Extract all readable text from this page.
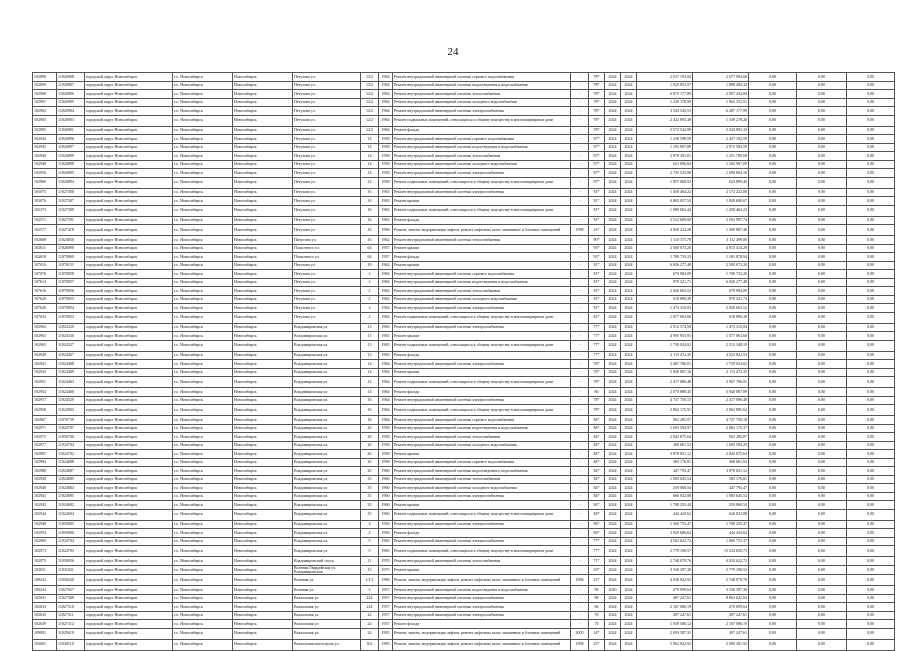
24
102898	11026908	городской округ Новосибирск	г.о. Новосибирск	Новосибирск	Петухова ул.	12/2	1964	Ремонт внутридомовой инженерной системы горячего водоснабжения	-	78*	2024	2024	2 037 193,04	2 677 984,68	0,00	0,00	0,00
102899	11026907	городской округ Новосибирск	г.о. Новосибирск	Новосибирск	Петухова ул.	12/2	1964	Ремонт внутридомовой инженерной системы водоотведения и водоснабжения	-	78*	2024	2024	1 925 853,97	1 888 484,32	0,00	0,00	0,00
102900	11026906	городской округ Новосибирск	г.о. Новосибирск	Новосибирск	Петухова ул.	12/2	1964	Ремонт внутридомовой инженерной системы теплоснабжения	-	78*	2024	2024	6 875 177,89	2 097 432,84	0,00	0,00	0,00
102901	11026905	городской округ Новосибирск	г.о. Новосибирск	Новосибирск	Петухова ул.	12/2	1964	Ремонт внутридомовой инженерной системы холодного водоснабжения	-	78*	2024	2024	1 239 178,90	1 962 352,51	0,00	0,00	0,00
102902	11026904	городской округ Новосибирск	г.о. Новосибирск	Новосибирск	Петухова ул.	12/2	1964	Ремонт внутридомовой инженерной системы электроснабжения	-	78*	2024	2024	3 543 543,53	6 287 177,99	0,00	0,00	0,00
102903	11026903	городской округ Новосибирск	г.о. Новосибирск	Новосибирск	Петухова ул.	12/2	1964	Ремонт подвальных помещений, относящихся к общему имуществу в многоквартирном доме	-	78*	2024	2024	2 432 893,38	1 339 278,20	0,00	0,00	0,00
102905	11026901	городской округ Новосибирск	г.о. Новосибирск	Новосибирск	Петухова ул.	12/2	1964	Ремонт фасада	-	78*	2024	2024	2 572 542,99	2 543 893,33	0,00	0,00	0,00
102944	11026896	городской округ Новосибирск	г.о. Новосибирск	Новосибирск	Петухова ул.	14	1958	Ремонт внутридомовой инженерной системы горячего водоснабжения	-	87*	2024	2024	1 238 598,59	2 437 192,59	0,00	0,00	0,00
102945	11026897	городской округ Новосибирск	г.о. Новосибирск	Новосибирск	Петухова ул.	14	1958	Ремонт внутридомовой инженерной системы водоотведения и водоснабжения	-	87*	2024	2024	1 192 697,89	2 972 583,59	0,00	0,00	0,00
102946	11026899	городской округ Новосибирск	г.о. Новосибирск	Новосибирск	Петухова ул.	14	1958	Ремонт внутридомовой инженерной системы теплоснабжения	-	87*	2024	2024	3 878 391,01	1 251 780,69	0,00	0,00	0,00
102948	11026898	городской округ Новосибирск	г.о. Новосибирск	Новосибирск	Петухова ул.	14	1958	Ремонт внутридомовой инженерной системы холодного водоснабжения	-	87*	2024	2024	621 086,84	1 182 997,09	0,00	0,00	0,00
102956	11026895	городской округ Новосибирск	г.о. Новосибирск	Новосибирск	Петухова ул.	14	1958	Ремонт внутридомовой инженерной системы электроснабжения	-	87*	2024	2024	2 735 523,98	1 698 864,10	0,00	0,00	0,00
102960	11026894	городской округ Новосибирск	г.о. Новосибирск	Новосибирск	Петухова ул.	14	1958	Ремонт подвальных помещений, относящихся к общему имуществу в многоквартирном доме	-	87*	2024	2024	1 857 068,92	623 899,49	0,00	0,00	0,00
103075	11027308	городской округ Новосибирск	г.о. Новосибирск	Новосибирск	Петухова ул.	16	1963	Ремонт внутридомовой инженерной системы электроснабжения	-	81*	2024	2024	1 458 464,22	2 174 222,08	0,00	0,00	0,00
103076	11027307	городской округ Новосибирск	г.о. Новосибирск	Новосибирск	Петухова ул.	16	1963	Ремонт крыши	-	81*	2024	2024	4 802 057,54	1 849 680,67	0,00	0,00	0,00
102373	11027309	городской округ Новосибирск	г.о. Новосибирск	Новосибирск	Петухова ул.	16	1963	Ремонт подвальных помещений, относящихся к общему имуществу в многоквартирном доме	-	81*	2024	2024	1 080 062,44	1 458 464,22	0,00	0,00	0,00
102571	11027591	городской округ Новосибирск	г.о. Новосибирск	Новосибирск	Петухова ул.	16	1963	Ремонт фасада	-	81*	2024	2024	3 512 689,00	3 092 987,74	0,00	0,00	0,00
102577	11027418	городской округ Новосибирск	г.о. Новосибирск	Новосибирск	Петухова ул.	16	1996	Ремонт, замена, модернизация лифтов, ремонт лифтовых шахт, машинных и блочных помещений	1998	23*	2024	2024	4 828 414,28	1 209 887,40	0,00	0,00	0,00
102608	11024056	городской округ Новосибирск	г.о. Новосибирск	Новосибирск	Пичугина ул.	16	1962	Ремонт внутридомовой инженерной системы теплоснабжения	-	90*	2024	2024	1 110 375,78	3 112 499,00	0,00	0,00	0,00
102611	11026000	городской округ Новосибирск	г.о. Новосибирск	Новосибирск	Плахотного ул.	64	1957	Ремонт крыши	-	93*	2024	2024	2 500 073,20	4 813 414,28	0,00	0,00	0,00
102618	11070060	городской округ Новосибирск	г.о. Новосибирск	Новосибирск	Плахотного ул.	64	1957	Ремонт фасада	-	93*	2024	2024	1 700 733,33	1 181 878,94	0,00	0,00	0,00
107016	11070151	городской округ Новосибирск	г.о. Новосибирск	Новосибирск	Петухова ул.	19	1962	Ремонт крыши	-	81*	2024	2024	6 026 277,48	2 500 073,20	0,00	0,00	0,00
107076	11070058	городской округ Новосибирск	г.о. Новосибирск	Новосибирск	Петухова ул.	2	1962	Ремонт внутридомовой инженерной системы горячего водоснабжения	-	81*	2024	2024	679 984,09	1 700 733,20	0,00	0,00	0,00
107614	11070057	городской округ Новосибирск	г.о. Новосибирск	Новосибирск	Петухова ул.	2	1962	Ремонт внутридомовой инженерной системы водоотведения и водоснабжения	-	81*	2024	2024	970 321,71	6 026 277,48	0,00	0,00	0,00
107616	11070056	городской округ Новосибирск	г.о. Новосибирск	Новосибирск	Петухова ул.	2	1962	Ремонт внутридомовой инженерной системы теплоснабжения	-	81*	2024	2024	2 026 663,52	679 984,09	0,00	0,00	0,00
107620	11070055	городской округ Новосибирск	г.о. Новосибирск	Новосибирск	Петухова ул.	2	1962	Ремонт внутридомовой инженерной системы холодного водоснабжения	-	81*	2024	2024	618 890,39	970 321,74	0,00	0,00	0,00
107626	11070054	городской округ Новосибирск	г.о. Новосибирск	Новосибирск	Петухова ул.	2	1962	Ремонт внутридомовой инженерной системы электроснабжения	-	81*	2024	2024	1 473 310,03	2 026 663,52	0,00	0,00	0,00
107632	11070053	городской округ Новосибирск	г.о. Новосибирск	Новосибирск	Петухова ул.	2	1962	Ремонт подвальных помещений, относящихся к общему имуществу в многоквартирном доме	-	81*	2024	2024	1 077 063,60	618 890,39	0,00	0,00	0,00
102962	11024329	городской округ Новосибирск	г.о. Новосибирск	Новосибирск	Владимировская ул.	13	1965	Ремонт внутридомовой инженерной системы электроснабжения	-	77*	2024	2024	2 912 574,58	1 473 310,04	0,00	0,00	0,00
102963	11024330	городской округ Новосибирск	г.о. Новосибирск	Новосибирск	Владимировская ул.	13	1965	Ремонт крыши	-	77*	2024	2024	4 905 953,91	1 077 063,60	0,00	0,00	0,00
102965	11024327	городской округ Новосибирск	г.о. Новосибирск	Новосибирск	Владимировская ул.	13	1965	Ремонт подвальных помещений, относящихся к общему имуществу в многоквартирном доме	-	77*	2024	2024	1 739 024,02	2 512 348,10	0,00	0,00	0,00
102940	11024467	городской округ Новосибирск	г.о. Новосибирск	Новосибирск	Владимировская ул.	13	1965	Ремонт фасада	-	77*	2024	2024	2 113 472,35	4 523 822,53	0,00	0,00	0,00
102941	11024468	городской округ Новосибирск	г.о. Новосибирск	Новосибирск	Владимировская ул.	14	1964	Ремонт внутридомовой инженерной системы электроснабжения	-	78*	2024	2024	3 407 706,01	1 739 024,02	0,00	0,00	0,00
102943	11024469	городской округ Новосибирск	г.о. Новосибирск	Новосибирск	Владимировская ул.	14	1964	Ремонт крыши	-	78*	2024	2024	5 840 087,16	2 113 472,35	0,00	0,00	0,00
102951	11024463	городской округ Новосибирск	г.о. Новосибирск	Новосибирск	Владимировская ул.	14	1964	Ремонт подвальных помещений, относящихся к общему имуществу в многоквартирном доме	-	78*	2024	2024	2 417 086,48	3 007 706,01	0,00	0,00	0,00
102954	11024466	городской округ Новосибирск	г.о. Новосибирск	Новосибирск	Владимировская ул.	14	1964	Ремонт фасада	-	80	2024	2024	2 073 888,45	5 840 087,09	0,00	0,00	0,00
102957	11024520	городской округ Новосибирск	г.о. Новосибирск	Новосибирск	Владимировская ул.	16	1964	Ремонт внутридомовой инженерной системы электроснабжения	-	78*	2024	2024	4 737 750,15	2 417 086,48	0,00	0,00	0,00
102958	11024903	городской округ Новосибирск	г.о. Новосибирск	Новосибирск	Владимировская ул.	16	1964	Ремонт подвальных помещений, относящихся к общему имуществу в многоквартирном доме	-	78*	2024	2024	2 862 175,91	2 062 885,62	0,00	0,00	0,00
102967	11076739	городской округ Новосибирск	г.о. Новосибирск	Новосибирск	Владимировская ул.	16	1964	Ремонт внутридомовой инженерной системы горячего водоснабжения	-	84*	2024	2024	902 285,97	4 737 750,18	0,00	0,00	0,00
102971	11024707	городской округ Новосибирск	г.о. Новосибирск	Новосибирск	Владимировская ул.	20	1958	Ремонт внутридомовой инженерной системы водоотведения и водоснабжения	-	84*	2024	2024	1 605 594,97	2 862 175,37	0,00	0,00	0,00
102975	11050706	городской округ Новосибирск	г.о. Новосибирск	Новосибирск	Владимировская ул.	20	1958	Ремонт внутридомовой инженерной системы теплоснабжения	-	84*	2024	2024	2 842 875,64	902 285,87	0,00	0,00	0,00
102977	11024704	городской округ Новосибирск	г.о. Новосибирск	Новосибирск	Владимировская ул.	20	1958	Ремонт внутридомовой инженерной системы холодного водоснабжения	-	84*	2024	2024	468 661,52	1 605 594,29	0,00	0,00	0,00
102981	11024702	городской округ Новосибирск	г.о. Новосибирск	Новосибирск	Владимировская ул.	20	1958	Ремонт крыши	-	84*	2024	2024	3 878 831,12	2 842 875,64	0,00	0,00	0,00
102984	11024688	городской округ Новосибирск	г.о. Новосибирск	Новосибирск	Владимировская ул.	20	1958	Ремонт внутридомовой инженерной системы горячего водоснабжения	-	84*	2024	2024	383 176,81	468 661,92	0,00	0,00	0,00
102988	11024687	городской округ Новосибирск	г.о. Новосибирск	Новосибирск	Владимировская ул.	20	1960	Ремонт внутридомовой инженерной системы водоотведения и водоснабжения	-	84*	2024	2024	447 793,47	3 878 831,12	0,00	0,00	0,00
102938	11024685	городской округ Новосибирск	г.о. Новосибирск	Новосибирск	Владимировская ул.	35	1960	Ремонт внутридомовой инженерной системы теплоснабжения	-	84*	2024	2024	1 083 645,54	383 176,81	0,00	0,00	0,00
102940	11024684	городской округ Новосибирск	г.о. Новосибирск	Новосибирск	Владимировская ул.	35	1960	Ремонт внутридомовой инженерной системы холодного водоснабжения	-	84*	2024	2024	259 060,54	447 793,47	0,00	0,00	0,00
102941	11024695	городской округ Новосибирск	г.о. Новосибирск	Новосибирск	Владимировская ул.	35	1960	Ремонт внутридомовой инженерной системы электроснабжения	-	84*	2024	2024	666 032,88	1 083 645,54	0,00	0,00	0,00
102943	11024692	городской округ Новосибирск	г.о. Новосибирск	Новосибирск	Владимировская ул.	35	1960	Ремонт крыши	-	84*	2024	2024	1 788 255,44	259 060,54	0,00	0,00	0,00
102944	11024694	городской округ Новосибирск	г.о. Новосибирск	Новосибирск	Владимировская ул.	35	1960	Ремонт подвальных помещений, относящихся к общему имуществу в многоквартирном доме	-	84*	2024	2024	444 443,62	626 032,88	0,00	0,00	0,00
102948	11050005	городской округ Новосибирск	г.о. Новосибирск	Новосибирск	Владимировская ул.	4	1956	Ремонт внутридомовой инженерной системы электроснабжения	-	86*	2024	2024	1 360 753,47	1 788 255,47	0,00	0,00	0,00
102954	11050006	городской округ Новосибирск	г.о. Новосибирск	Новосибирск	Владимировская ул.	4	1956	Ремонт фасада	-	86*	2024	2024	3 029 686,62	444 443,62	0,00	0,00	0,00
102969	11024704	городской округ Новосибирск	г.о. Новосибирск	Новосибирск	Владимировская ул.	9	1965	Ремонт внутридомовой инженерной системы электроснабжения	-	77*	2024	2024	4 562 622,72	1 860 753,37	0,00	0,00	0,00
102973	11024703	городской округ Новосибирск	г.о. Новосибирск	Новосибирск	Владимировская ул.	9	1965	Ремонт подвальных помещений, относящихся к общему имуществу в многоквартирном доме	-	77*	2024	2024	2 779 190,57	15 524 650,73	0,00	0,00	0,00
102975	11050936	городской округ Новосибирск	г.о. Новосибирск	Новосибирск	Владимировский спуск	11	1970	Ремонт внутридомовой инженерной системы теплоснабжения	-	71*	2024	2024	2 748 079,76	4 032 622,72	0,00	0,00	0,00
103011	11031021	городской округ Новосибирск	г.о. Новосибирск	Новосибирск	Военная Гвардейская ул. Владимировская	15	1975	Ремонт крыши	-	63*	2024	2024	3 536 397,38	2 779 190,52	0,00	0,00	0,00
109232	11050220	городской округ Новосибирск	г.о. Новосибирск	Новосибирск	Военная ул.	1/1/1	1996	Ремонт, замена, модернизация лифтов, ремонт лифтовых шахт, машинных и блочных помещений	1996	23*	2024	2024	4 036 822,92	2 748 079,76	0,00	0,00	0,00
109234	11027657	городской округ Новосибирск	г.о. Новосибирск	Новосибирск	Военная ул.	3	1957	Ремонт внутридомовой инженерной системы водоотведения и водоснабжения	-	99	2020	2024	279 099,64	3 536 397,38	0,00	0,00	0,00
102631	11027309	городской округ Новосибирск	г.о. Новосибирск	Новосибирск	Вокзальная ул.	224	1957	Ремонт внутридомовой инженерной системы электроснабжения	-	88	2024	2024	407 247,61	8 063 622,92	0,00	0,00	0,00
102633	11027310	городской округ Новосибирск	г.о. Новосибирск	Новосибирск	Вокзальная ул.	224	1957	Ремонт внутридомовой инженерной системы электроснабжения	-	86	2024	2024	2 167 086,19	270 099,64	0,00	0,00	0,00
102635	11027311	городской округ Новосибирск	г.о. Новосибирск	Новосибирск	Вокзальная ул.	22	1957	Ремонт внутридомовой инженерной системы электроснабжения	-	70	2024	2024	497 247,61	497 247,61	0,00	0,00	0,00
102639	11027312	городской округ Новосибирск	г.о. Новосибирск	Новосибирск	Вокзальная ул.	24	1957	Ремонт фасада	-	70	2024	2024	1 038 586,12	2 167 086,19	0,00	0,00	0,00
109891	11029410	городской округ Новосибирск	г.о. Новосибирск	Новосибирск	Вокзальная ул.	24	1995	Ремонт, замена, модернизация лифтов, ремонт лифтовых шахт, машинных и блочных помещений	2005	24*	2024	2024	2 093 587,31	497 247,61	0,00	0,00	0,00
103001	11030110	городской округ Новосибирск	г.о. Новосибирск	Новосибирск	Вокзальная магистраль ул.	8/2	1995	Ремонт, замена, модернизация лифтов, ремонт лифтовых шахт, машинных и блочных помещений	1998	25*	2024	2024	5 962 822,92	2 090 301,92	0,00	0,00	0,00
